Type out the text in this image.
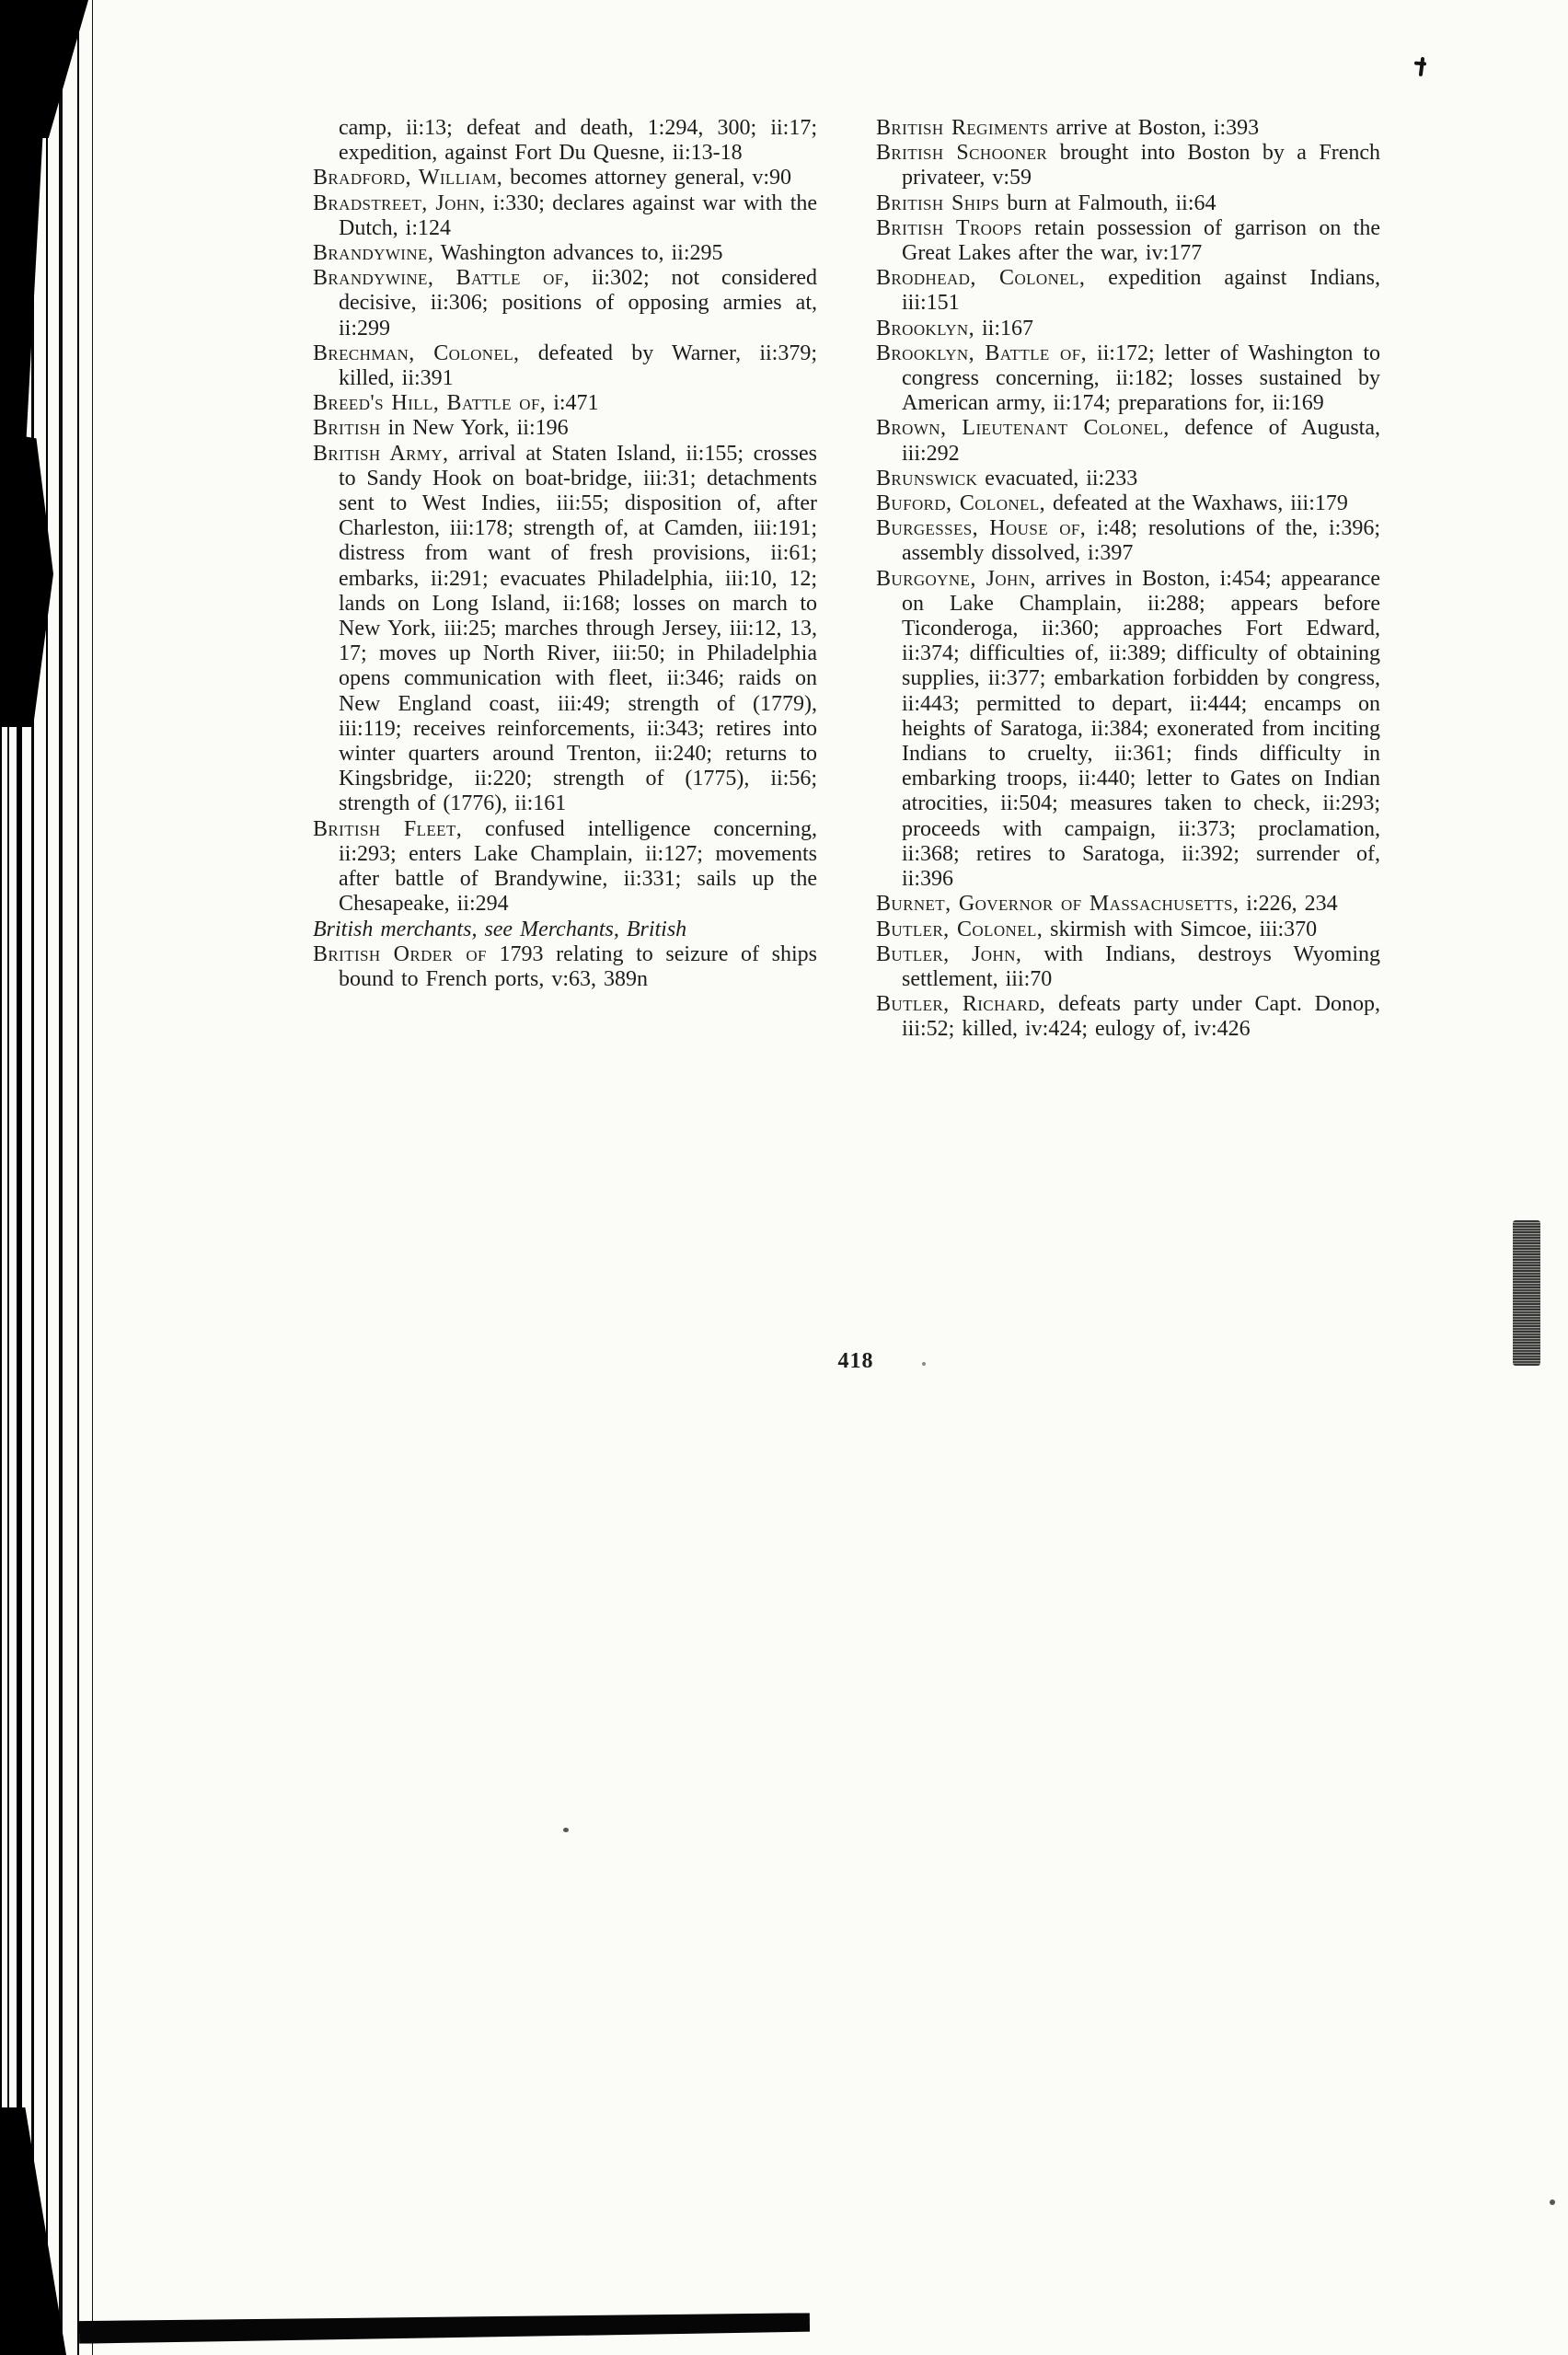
camp, ii:13; defeat and death, 1:294, 300; ii:17; expedition, against Fort Du Quesne, ii:13-18

Bradford, William, becomes attorney general, v:90

Bradstreet, John, i:330; declares against war with the Dutch, i:124

Brandywine, Washington advances to, ii:295

Brandywine, Battle of, ii:302; not considered decisive, ii:306; positions of opposing armies at, ii:299

Brechman, Colonel, defeated by Warner, ii:379; killed, ii:391

Breed's Hill, Battle of, i:471

British in New York, ii:196

British Army, arrival at Staten Island, ii:155; crosses to Sandy Hook on boat-bridge, iii:31; detachments sent to West Indies, iii:55; disposition of, after Charleston, iii:178; strength of, at Camden, iii:191; distress from want of fresh provisions, ii:61; embarks, ii:291; evacuates Philadelphia, iii:10, 12; lands on Long Island, ii:168; losses on march to New York, iii:25; marches through Jersey, iii:12, 13, 17; moves up North River, iii:50; in Philadelphia opens communication with fleet, ii:346; raids on New England coast, iii:49; strength of (1779), iii:119; receives reinforcements, ii:343; retires into winter quarters around Trenton, ii:240; returns to Kingsbridge, ii:220; strength of (1775), ii:56; strength of (1776), ii:161

British Fleet, confused intelligence concerning, ii:293; enters Lake Champlain, ii:127; movements after battle of Brandywine, ii:331; sails up the Chesapeake, ii:294

British merchants, see Merchants, British

British Order of 1793 relating to seizure of ships bound to French ports, v:63, 389n

British Regiments arrive at Boston, i:393

British Schooner brought into Boston by a French privateer, v:59

British Ships burn at Falmouth, ii:64

British Troops retain possession of garrison on the Great Lakes after the war, iv:177

Brodhead, Colonel, expedition against Indians, iii:151

Brooklyn, ii:167

Brooklyn, Battle of, ii:172; letter of Washington to congress concerning, ii:182; losses sustained by American army, ii:174; preparations for, ii:169

Brown, Lieutenant Colonel, defence of Augusta, iii:292

Brunswick evacuated, ii:233

Buford, Colonel, defeated at the Waxhaws, iii:179

Burgesses, House of, i:48; resolutions of the, i:396; assembly dissolved, i:397

Burgoyne, John, arrives in Boston, i:454; appearance on Lake Champlain, ii:288; appears before Ticonderoga, ii:360; approaches Fort Edward, ii:374; difficulties of, ii:389; difficulty of obtaining supplies, ii:377; embarkation forbidden by congress, ii:443; permitted to depart, ii:444; encamps on heights of Saratoga, ii:384; exonerated from inciting Indians to cruelty, ii:361; finds difficulty in embarking troops, ii:440; letter to Gates on Indian atrocities, ii:504; measures taken to check, ii:293; proceeds with campaign, ii:373; proclamation, ii:368; retires to Saratoga, ii:392; surrender of, ii:396

Burnet, Governor of Massachusetts, i:226, 234

Butler, Colonel, skirmish with Simcoe, iii:370

Butler, John, with Indians, destroys Wyoming settlement, iii:70

Butler, Richard, defeats party under Capt. Donop, iii:52; killed, iv:424; eulogy of, iv:426

418
